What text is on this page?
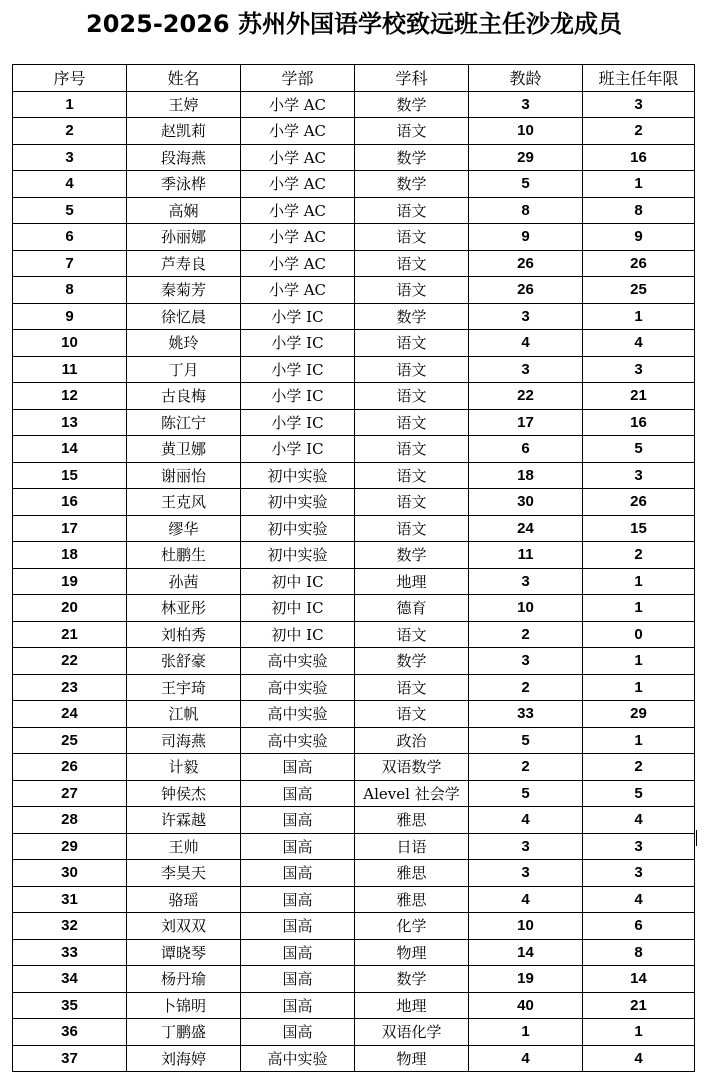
2025-2026 苏州外国语学校致远班主任沙龙成员
序号	姓名	学部	学科	教龄	班主任年限
1	王婷	小学 AC	数学	3	3
2	赵凯莉	小学 AC	语文	10	2
3	段海燕	小学 AC	数学	29	16
4	季泳桦	小学 AC	数学	5	1
5	高娴	小学 AC	语文	8	8
6	孙丽娜	小学 AC	语文	9	9
7	芦寿良	小学 AC	语文	26	26
8	秦菊芳	小学 AC	语文	26	25
9	徐忆晨	小学 IC	数学	3	1
10	姚玲	小学 IC	语文	4	4
11	丁月	小学 IC	语文	3	3
12	古良梅	小学 IC	语文	22	21
13	陈江宁	小学 IC	语文	17	16
14	黄卫娜	小学 IC	语文	6	5
15	谢丽怡	初中实验	语文	18	3
16	王克风	初中实验	语文	30	26
17	缪华	初中实验	语文	24	15
18	杜鹏生	初中实验	数学	11	2
19	孙茜	初中 IC	地理	3	1
20	林亚彤	初中 IC	德育	10	1
21	刘柏秀	初中 IC	语文	2	0
22	张舒豪	高中实验	数学	3	1
23	王宇琦	高中实验	语文	2	1
24	江帆	高中实验	语文	33	29
25	司海燕	高中实验	政治	5	1
26	计毅	国高	双语数学	2	2
27	钟侯杰	国高	Alevel 社会学	5	5
28	许霖越	国高	雅思	4	4
29	王帅	国高	日语	3	3
30	李昊天	国高	雅思	3	3
31	骆瑶	国高	雅思	4	4
32	刘双双	国高	化学	10	6
33	谭晓琴	国高	物理	14	8
34	杨丹瑜	国高	数学	19	14
35	卜锦明	国高	地理	40	21
36	丁鹏盛	国高	双语化学	1	1
37	刘海婷	高中实验	物理	4	4
